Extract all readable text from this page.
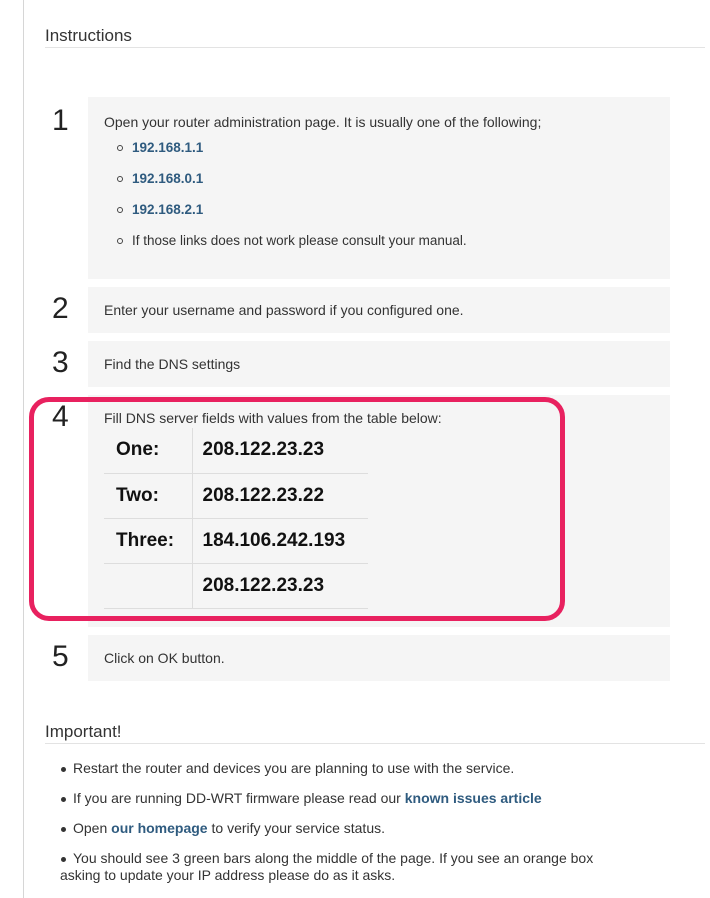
Instructions
1	Open your router administration page. It is usually one of the following;

192.168.1.1
192.168.0.1
192.168.2.1
If those links does not work please consult your manual.
2	Enter your username and password if you configured one.

3	Find the DNS settings

4	Fill DNS server fields with values from the table below:

One:	208.122.23.23
Two:	208.122.23.22
Three:	184.106.242.193
	208.122.23.23
5	Click on OK button.

Important!
Restart the router and devices you are planning to use with the service.
If you are running DD-WRT firmware please read our known issues article
Open our homepage to verify your service status.
You should see 3 green bars along the middle of the page. If you see an orange box
asking to update your IP address please do as it asks.
